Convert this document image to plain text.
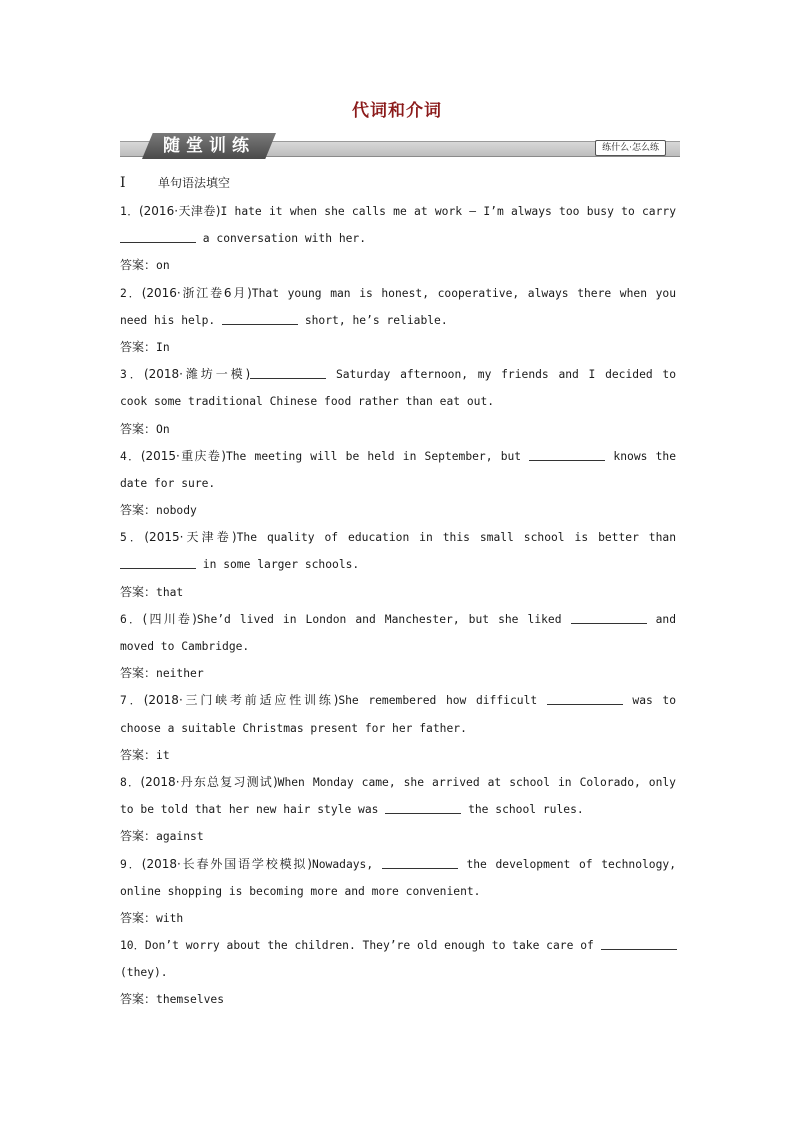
代词和介词
随堂训练	练什么·怎么练
Ⅰ	单句语法填空
1．(2016·天津卷)I hate it when she calls me at work — I’m always too busy to carry
a conversation with her.
答案：on
2．(2016·浙江卷6月)That young man is honest, cooperative, always there when you
need his help.	short, he’s reliable.
答案：In
3．(2018·潍坊一模)	Saturday afternoon, my friends and I decided to
cook some traditional Chinese food rather than eat out.
答案：On
4．(2015·重庆卷)The meeting will be held in September, but	knows the
date for sure.
答案：nobody
5．(2015·天津卷)The quality of education in this small school is better than
in some larger schools.
答案：that
6．(四川卷)She’d lived in London and Manchester, but she liked	and
moved to Cambridge.
答案：neither
7．(2018·三门峡考前适应性训练)She remembered how difficult	was to
choose a suitable Christmas present for her father.
答案：it
8．(2018·丹东总复习测试)When Monday came, she arrived at school in Colorado, only
to be told that her new hair style was	the school rules.
答案：against
9．(2018·长春外国语学校模拟)Nowadays,	the development of technology,
online shopping is becoming more and more convenient.
答案：with
10．Don’t worry about the children. They’re old enough to take care of
(they).
答案：themselves
